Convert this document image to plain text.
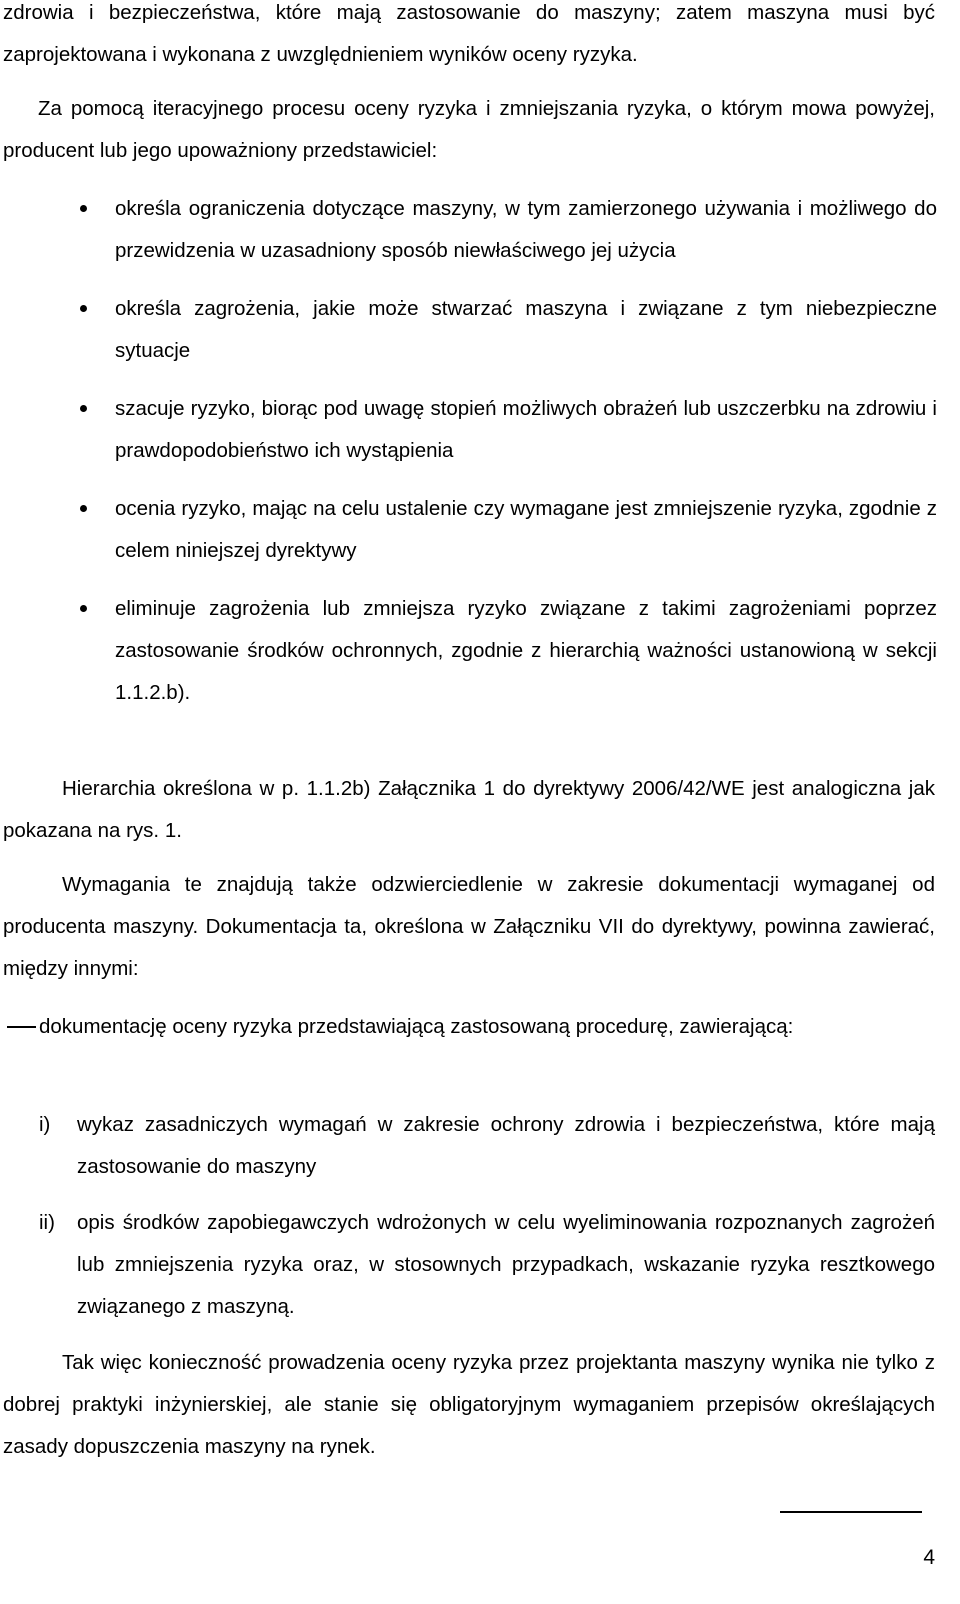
zdrowia i bezpieczeństwa, które mają zastosowanie do maszyny; zatem maszyna musi być zaprojektowana i wykonana z uwzględnieniem wyników oceny ryzyka.

Za pomocą iteracyjnego procesu oceny ryzyka i zmniejszania ryzyka, o którym mowa powyżej, producent lub jego upoważniony przedstawiciel:

określa ograniczenia dotyczące maszyny, w tym zamierzonego używania i możliwego do przewidzenia w uzasadniony sposób niewłaściwego jej użycia
określa zagrożenia, jakie może stwarzać maszyna i związane z tym niebezpieczne sytuacje
szacuje ryzyko, biorąc pod uwagę stopień możliwych obrażeń lub uszczerbku na zdrowiu i prawdopodobieństwo ich wystąpienia
ocenia ryzyko, mając na celu ustalenie czy wymagane jest zmniejszenie ryzyka, zgodnie z celem niniejszej dyrektywy
eliminuje zagrożenia lub zmniejsza ryzyko związane z takimi zagrożeniami poprzez zastosowanie środków ochronnych, zgodnie z hierarchią ważności ustanowioną w sekcji 1.1.2.b).

Hierarchia określona w p. 1.1.2b) Załącznika 1 do dyrektywy 2006/42/WE jest analogiczna jak pokazana na rys. 1.

Wymagania te znajdują także odzwierciedlenie w zakresie dokumentacji wymaganej od producenta maszyny. Dokumentacja ta, określona w Załączniku VII do dyrektywy, powinna zawierać, między innymi:

dokumentację oceny ryzyka przedstawiającą zastosowaną procedurę, zawierającą:
i) wykaz zasadniczych wymagań w zakresie ochrony zdrowia i bezpieczeństwa, które mają zastosowanie do maszyny
ii) opis środków zapobiegawczych wdrożonych w celu wyeliminowania rozpoznanych zagrożeń lub zmniejszenia ryzyka oraz, w stosownych przypadkach, wskazanie ryzyka resztkowego związanego z maszyną.

Tak więc konieczność prowadzenia oceny ryzyka przez projektanta maszyny wynika nie tylko z dobrej praktyki inżynierskiej, ale stanie się obligatoryjnym wymaganiem przepisów określających zasady dopuszczenia maszyny na rynek.

4
